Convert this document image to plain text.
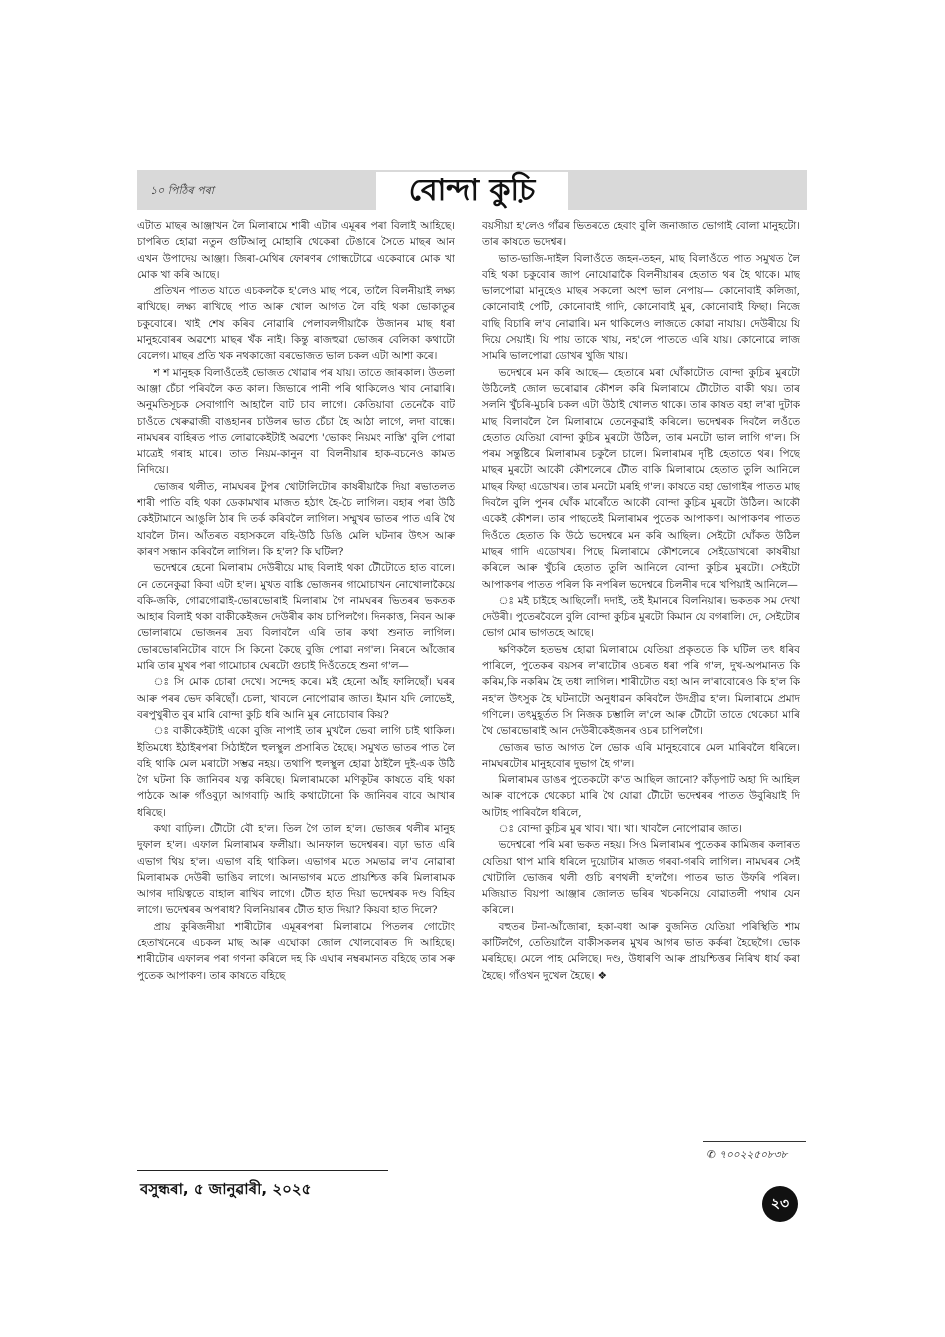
১০ পিঠিৰ পৰা	বোন্দা কুচ়ি

এটাত মাছৰ আঞ্জাখন লৈ মিলাৰামে শাৰী এটাৰ এমূৰৰ পৰা বিলাই আহিছে। চাপৰিত হোৱা নতুন গুটিআলু মোহাৰি থেকেৰা টেঙাৰে সৈতে মাছৰ আন এখন উপাদেয় আঞ্জা। জিৰা-মেথিৰ ফোৰণৰ গোন্ধটোৱে একেবাৰে মোক খা মোক খা কৰি আছে।

প্ৰতিখন পাতত যাতে এচকলকৈ হ'লেও মাছ পৰে, তালৈ বিলনীয়াই লক্ষ্য ৰাখিছে। লক্ষ্য ৰাখিছে পাত আৰু খোল আগত লৈ বহি থকা ভোকাতুৰ চকুবোৰে। খাই শেষ কৰিব নোৱাৰি পেলাবলগীয়াকৈ উজানৰ মাছ ধৰা মানুহবোৰৰ অৱশ্যে মাছৰ খঁক নাই। কিন্তু ৰাজহুৱা ভোজৰ বেলিকা কথাটো বেলেগ। মাছৰ প্ৰতি খক নথকাজো বৰভোজত ভাল চকল এটা আশা কৰে।

শ শ মানুহক বিলাওঁতেই ভোজত খোৱাৰ পৰ যায়। তাতে জাৰকাল। উতলা আঞ্জা চেঁচা পৰিবলৈ কত কাল। জিভাৰে পানী পৰি থাকিলেও খাব নোৱাৰি। অনুমতিসূচক সেবাগাণি আহালৈ বাট চাব লাগে। কেতিয়াবা তেনেকৈ বাট চাওঁতে খেৰুৱাজী বাঙহানৰ চাউলৰ ভাত চেঁচা হৈ আঠা লাগে, লদা বান্ধে। নামঘৰৰ বাহিৰত পাত লোৱাকেইটাই অৱশ্যে 'ভোকং নিয়মং নাস্তি' বুলি পোৱা মাত্ৰেই গৰাহ মাৰে। তাত নিয়ম-কানুন বা বিলনীয়াৰ হাক-বচনেও কামত নিদিয়ে।

ভোজৰ থলীত, নামঘৰৰ টুপৰ খোটালিটোৰ কাষৰীয়াকৈ দিয়া ৰভাতলত শাৰী পাতি বহি থকা ডেকামখাৰ মাজত হঠাৎ হৈ-চৈ লাগিল। বহাৰ পৰা উঠি কেইটামানে আঙুলি ঠাৰ দি তৰ্ক কৰিবলৈ লাগিল। সম্মুখৰ ভাতৰ পাত এৰি থৈ যাবলৈ টান। আঁতৰত বহাসকলে বহি-উঠি ডিঙি মেলি ঘটনাৰ উৎস আৰু কাৰণ সন্ধান কৰিবলৈ লাগিল। কি হ'ল? কি ঘটিল?

ভদেশ্বৰে হেনো মিলাৰাম দেউৰীয়ে মাছ বিলাই থকা টৌটোতে হাত বালে। নে তেনেকুৱা কিবা এটা হ'ল। মুখত বাঙ্কি ভোজনৰ গামোচাখন নোখোলাকৈয়ে বকি-জকি, গোৱগোৱাই-ভোৰভোৰাই মিলাৰাম গৈ নামঘৰৰ ভিতৰৰ ভকতক আহাৰ বিলাই থকা বাকীকেইজন দেউৰীৰ কাষ চাপিলগৈ। দিনকাত্ত, নিবন আৰু ভোলাৰামে ভোজনৰ দ্ৰব্য বিলাবলৈ এৰি তাৰ কথা শুনাত লাগিল। ভোৰভোৰনিটোৰ বাদে সি কিনো কৈছে বুজি পোৱা নগ'ল। নিৰনে আঁজোৰ মাৰি তাৰ মুখৰ পৰা গামোচাৰ ঘেৰটো গুচাই দিওঁতেহে শুনা গ'ল—

ঃ সি মোক চোৰা দেখে। সন্দেহ কৰে। মই হেনো আঁহ ফালিছোঁ। ঘৰৰ আৰু পৰৰ ভেদ কৰিছোঁ। চেলা, খাবলে নোপোৱাৰ জাত। ইমান যদি লোভেই, বৰপুখুৰীত বুৰ মাৰি বোন্দা কুচ়ি ধৰি আনি মুৰ নোচোবাৰ কিয়?

ঃ বাকীকেইটাই একো বুজি নাপাই তাৰ মুখলৈ ভেবা লাগি চাই থাকিল। ইতিমধ্যে ইঠাইৰপৰা সিঠাইলৈ হুলস্থুল প্ৰসাৰিত হৈছে। সমুখত ভাতৰ পাত লৈ বহি থাকি মেল মৰাটো সম্ভৱ নহয়। তথাপি হুলস্থুল হোৱা ঠাইলৈ দুই-এক উঠি গৈ ঘটনা কি জানিবৰ যত্ন কৰিছে। মিলাৰামকো মণিকূটৰ কাষতে বহি থকা পাঠকে আৰু গাঁওবুঢ়া আগবাঢ়ি আহি কথাটোনো কি জানিবৰ বাবে আখাৰ ধৰিছে।

কথা বাঢ়িল। টৌটো বৌ হ'ল। তিল গৈ তাল হ'ল। ভোজৰ থলীৰ মানুহ দুফাল হ'ল। এফাল মিলাৰামৰ ফলীয়া। আনফাল ভদেশ্বৰৰ। বঢ়া ভাত এৰি এভাগ থিয় হ'ল। এভাগ বহি থাকিল। এভাগৰ মতে সমভাৱ ল'ব নোৱাৰা মিলাৰামক দেউৰী ভাঙিব লাগে। আনভাগৰ মতে প্ৰায়শ্চিত্ত কৰি মিলাৰামক আগৰ দায়িত্বতে বাহাল ৰাখিব লাগে। টৌত হাত দিয়া ভদেশ্বৰক দণ্ড বিহিব লাগে। ভদেশ্বৰৰ অপৰাধ? বিলনিয়াৰৰ টৌত হাত দিয়া? কিয়বা হাত দিলে?

প্ৰায় কুৰিজনীয়া শাৰীটোৰ এমূৰৰপৰা মিলাৰামে পিতলৰ গোটোং হেতাখনেৰে এচকল মাছ আৰু এঘোকা জোল খোলবোৰত দি আহিছে। শাৰীটোৰ এফালৰ পৰা গণনা কৰিলে দহ কি এঘাৰ নম্বৰমানত বহিছে তাৰ সৰু পুতেক আপাকণ। তাৰ কাষতে বহিছে

বয়সীয়া হ'লেও গাঁৱৰ ভিতৰতে হেবাং বুলি জনাজাত ভোগাই বোলা মানুহটো। তাৰ কাষতে ভদেশ্বৰ।

ভাত-ভাজি-দাইল বিলাওঁতে জহন-তহন, মাছ বিলাওঁতে পাত সমুখত লৈ বহি থকা চকুবোৰ জাপ নোযোৱাকৈ বিলনীয়াৰৰ হেতাত থৰ হৈ থাকে। মাছ ভালপোৱা মানুহেও মাছৰ সকলো অংশ ভাল নেপায়— কোনোবাই কলিজা, কোনোবাই পেটি, কোনোবাই গাদি, কোনোবাই মুৰ, কোনোবাই ফিছা। নিজে বাছি বিচাৰি ল'ব নোৱাৰি। মন থাকিলেও লাজতে কোৱা নাযায়। দেউৰীয়ে যি দিয়ে সেয়াই। যি পায় তাকে খায়, নহ'লে পাততে এৰি যায়। কোনোৱে লাজ সামৰি ভালপোৱা ডোখৰ খুজি খায়।

ভদেশ্বৰে মন কৰি আছে— হেতাৰে মৰা ঘোঁকাটোত বোন্দা কুচ়িৰ মুৰটো উঠিলেই জোল ভৰোৱাৰ কৌশল কৰি মিলাৰামে টৌটোত বাকী থয়। তাৰ সলনি খুঁচৰি-মুচৰি চকল এটা উঠাই খোলত থাকে। তাৰ কাষত বহা ল'ৰা দুটাক মাছ বিলাবলৈ লৈ মিলাৰামে তেনেকুৱাই কৰিলে। ভদেশ্বৰক দিবলৈ লওঁতে হেতাত যেতিয়া বোন্দা কুচ়িৰ মুৰটো উঠিল, তাৰ মনটো ভাল লাগি গ'ল। সি পৰম সন্তুষ্টিৰে মিলাৰামৰ চকুলৈ চালে। মিলাৰামৰ দৃষ্টি হেতাতে থৰ। পিছে মাছৰ মুৰটো আকৌ কৌশলেৰে টৌত বাকি মিলাৰামে হেতাত তুলি আনিলে মাছৰ ফিছা এডোখৰ। তাৰ মনটো মৰহি গ'ল। কাষতে বহা ভোগাইৰ পাতত মাছ দিবলৈ বুলি পুনৰ ঘোঁক মাৰোঁতে আকৌ বোন্দা কুচ়িৰ মুৰটো উঠিল। আকৌ একেই কৌশল। তাৰ পাছতেই মিলাৰামৰ পুতেক আপাকণ। আপাকণৰ পাতত দিওঁতে হেতাত কি উঠে ভদেশ্বৰে মন কৰি আছিল। সেইটো ঘোঁকত উঠিল মাছৰ গাদি এডোখৰ। পিছে মিলাৰামে কৌশলেৰে সেইডোখৰো কাষৰীয়া কৰিলে আৰু খুঁচৰি হেতাত তুলি আনিলে বোন্দা কুচ়িৰ মুৰটো। সেইটো আপাকণৰ পাতত পৰিল কি নপৰিল ভদেশ্বৰে চিলনীৰ দৰে খপিয়াই আনিলে—

ঃ মই চাইহে আছিলোঁ। দদাই, তই ইমানৰে বিলনিয়াৰ। ভকতক সম দেখা দেউৰী। পুতেৰবৈলে বুলি বোন্দা কুচ়িৰ মুৰটো কিমান যে বগৰালি। দে, সেইটোৰ ভোগ মোৰ ভাগতহে আছে।

ক্ষণিকলৈ হতভম্ব হোৱা মিলাৰামে যেতিয়া প্ৰকৃততে কি ঘটিল তৎ ধৰিব পাৰিলে, পুতেকৰ বয়সৰ ল'ৰাটোৰ ওচৰত ধৰা পৰি গ'ল, দুখ-অপমানত কি কৰিম,কি নকৰিম হৈ তধা লাগিল। শাৰীটোত বহা আন ল'ৰাবোৰেও কি হ'ল কি নহ'ল উৎসুক হৈ ঘটনাটো অনুধাৱন কৰিবলৈ উদগ্ৰীৱ হ'ল। মিলাৰামে প্ৰমাদ গণিলে। তৎমুহূৰ্তত সি নিজক চম্ভালি ল'লে আৰু টৌটো তাতে থেকেচা মাৰি থৈ ভোৰভোৰাই আন দেউৰীকেইজনৰ ওচৰ চাপিলগৈ।

ভোজৰ ভাত আগত লৈ ভোক এৰি মানুহবোৰে মেল মাৰিবলৈ ধৰিলে। নামঘৰটোৰ মানুহবোৰ দুভাগ হৈ গ'ল।

মিলাৰামৰ ডাঙৰ পুতেকটো ক'ত আছিল জানো? কাঁড়পাট অহা দি আহিল আৰু বাপেকে থেকেচা মাৰি থৈ যোৱা টৌটো ভদেশ্বৰৰ পাতত উবুৰিয়াই দি আটাহ পাৰিবলৈ ধৰিলে,

ঃ বোন্দা কুচ়িৰ মুৰ খাব। খা। খা। খাবলৈ নোপোৱাৰ জাত।

ভদেশ্বৰো পৰি মৰা ভকত নহয়। সিও মিলাৰামৰ পুতেকৰ কামিজৰ কলাৰত যেতিয়া থাপ মাৰি ধৰিলে দুয়োটাৰ মাজত গৰবা-গৰবি লাগিল। নামঘৰৰ সেই খোটালি ভোজৰ থলী গুচি ৰণথলী হ'লগৈ। পাতৰ ভাত উফৰি পৰিল। মজিয়াত বিয়পা আঞ্জাৰ জোলত ভৰিৰ খচকনিয়ে বোৱাতলী পথাৰ যেন কৰিলে।

বহুতৰ টনা-আঁজোৰা, হকা-বধা আৰু বুজনিত যেতিয়া পৰিস্থিতি শাম কাটিলগৈ, তেতিয়ালৈ বাকীসকলৰ মুখৰ আগৰ ভাত কৰ্কৰা হৈছেগৈ। ভোক মৰহিছে। মেলে পাহ মেলিছে। দণ্ড, উধাৰণি আৰু প্ৰায়শ্চিত্তৰ নিৰিখ ধাৰ্য কৰা হৈছে। গাঁওখন দুখেল হৈছে। ❖

✆ ৭০০২২৫০৮৩৮
বসুন্ধৰা, ৫ জানুৱাৰী, ২০২৫
২৩
